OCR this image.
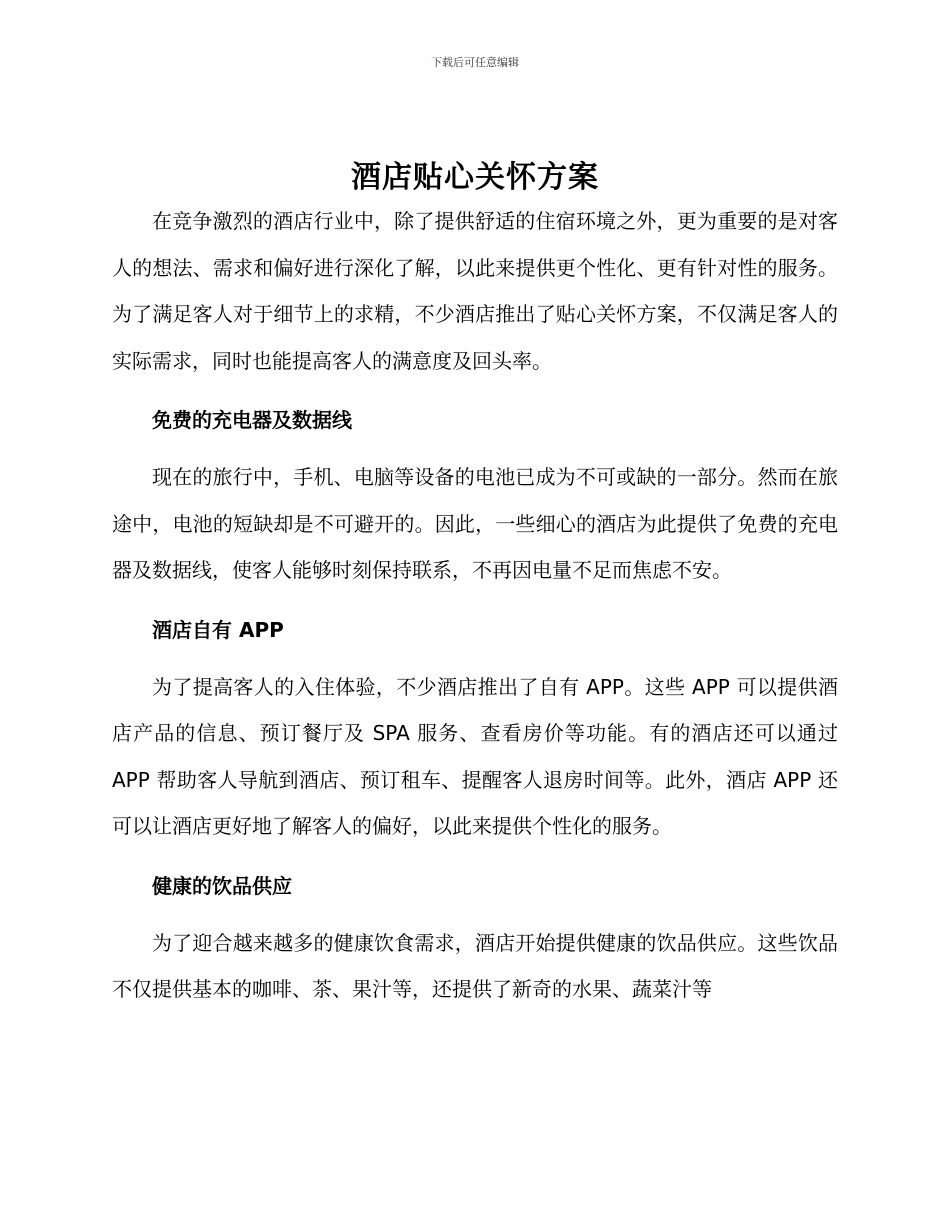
下载后可任意编辑
酒店贴心关怀方案

在竞争激烈的酒店行业中，除了提供舒适的住宿环境之外，更为重要的是对客人的想法、需求和偏好进行深化了解，以此来提供更个性化、更有针对性的服务。为了满足客人对于细节上的求精，不少酒店推出了贴心关怀方案，不仅满足客人的实际需求，同时也能提高客人的满意度及回头率。

免费的充电器及数据线

现在的旅行中，手机、电脑等设备的电池已成为不可或缺的一部分。然而在旅途中，电池的短缺却是不可避开的。因此，一些细心的酒店为此提供了免费的充电器及数据线，使客人能够时刻保持联系，不再因电量不足而焦虑不安。

酒店自有 APP

为了提高客人的入住体验，不少酒店推出了自有 APP。这些 APP 可以提供酒店产品的信息、预订餐厅及 SPA 服务、查看房价等功能。有的酒店还可以通过 APP 帮助客人导航到酒店、预订租车、提醒客人退房时间等。此外，酒店 APP 还可以让酒店更好地了解客人的偏好，以此来提供个性化的服务。

健康的饮品供应

为了迎合越来越多的健康饮食需求，酒店开始提供健康的饮品供应。这些饮品不仅提供基本的咖啡、茶、果汁等，还提供了新奇的水果、蔬菜汁等
